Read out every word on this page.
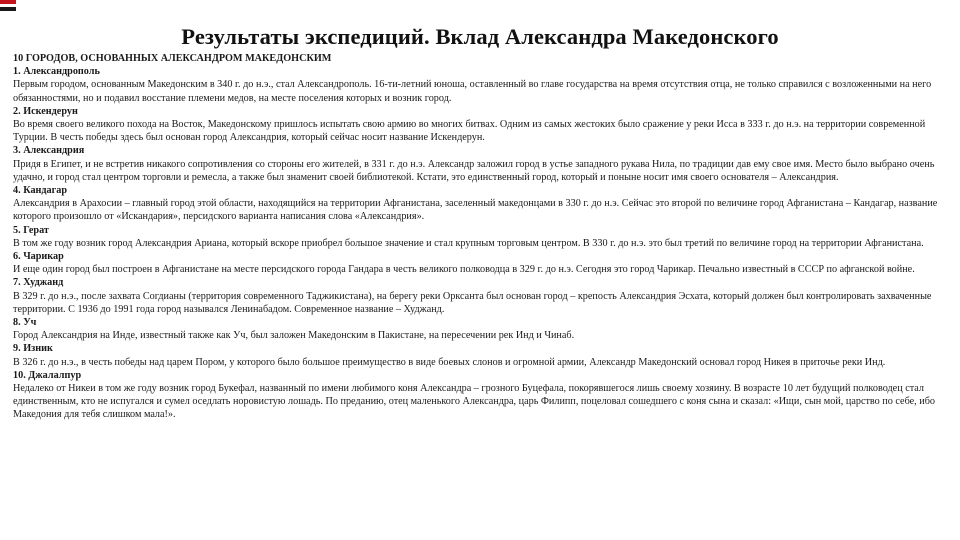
Результаты экспедиций. Вклад Александра Македонского
10 ГОРОДОВ, ОСНОВАННЫХ АЛЕКСАНДРОМ МАКЕДОНСКИМ
1. Александрополь

Первым городом, основанным Македонским в 340 г. до н.э., стал Александрополь. 16-ти-летний юноша, оставленный во главе государства на время отсутствия отца, не только справился с возложенными на него обязанностями, но и подавил восстание племени медов, на месте поселения которых и возник город.

2. Искендерун

Во время своего великого похода на Восток, Македонскому пришлось испытать свою армию во многих битвах. Одним из самых жестоких было сражение у реки Исса в 333 г. до н.э. на территории современной Турции. В честь победы здесь был основан город Александрия, который сейчас носит название Искендерун.

3. Александрия

Придя в Египет, и не встретив никакого сопротивления со стороны его жителей, в 331 г. до н.э. Александр заложил город в устье западного рукава Нила, по традиции дав ему свое имя. Место было выбрано очень удачно, и город стал центром торговли и ремесла, а также был знаменит своей библиотекой. Кстати, это единственный город, который и поныне носит имя своего основателя – Александрия.

4. Кандагар

Александрия в Арахосии – главный город этой области, находящийся на территории Афганистана, заселенный македонцами в 330 г. до н.э. Сейчас это второй по величине город Афганистана – Кандагар, название которого произошло от «Искандария», персидского варианта написания слова «Александрия».

5. Герат

В том же году возник город Александрия Ариана, который вскоре приобрел большое значение и стал крупным торговым центром. В 330 г. до н.э. это был третий по величине город на территории Афганистана.

6. Чарикар

И еще один город был построен в Афганистане на месте персидского города Гандара в честь великого полководца в 329 г. до н.э. Сегодня это город Чарикар. Печально известный в СССР по афганской войне.

7. Худжанд

В 329 г. до н.э., после захвата Согдианы (территория современного Таджикистана), на берегу реки Орксанта был основан город – крепость Александрия Эсхата, который должен был контролировать захваченные территории. С 1936 до 1991 года город назывался Ленинабадом. Современное название – Худжанд.

8. Уч

Город Александрия на Инде, известный также как Уч, был заложен Македонским в Пакистане, на пересечении рек Инд и Чинаб.

9. Изник

В 326 г. до н.э., в честь победы над царем Пором, у которого было большое преимущество в виде боевых слонов и огромной армии, Александр Македонский основал город Никея в приточье реки Инд.

10. Джалалпур

Недалеко от Никеи в том же году возник город Букефал, названный по имени любимого коня Александра – грозного Буцефала, покорявшегося лишь своему хозяину. В возрасте 10 лет будущий полководец стал единственным, кто не испугался и сумел оседлать норовистую лошадь. По преданию, отец маленького Александра, царь Филипп, поцеловал сошедшего с коня сына и сказал: «Ищи, сын мой, царство по себе, ибо Македония для тебя слишком мала!».
